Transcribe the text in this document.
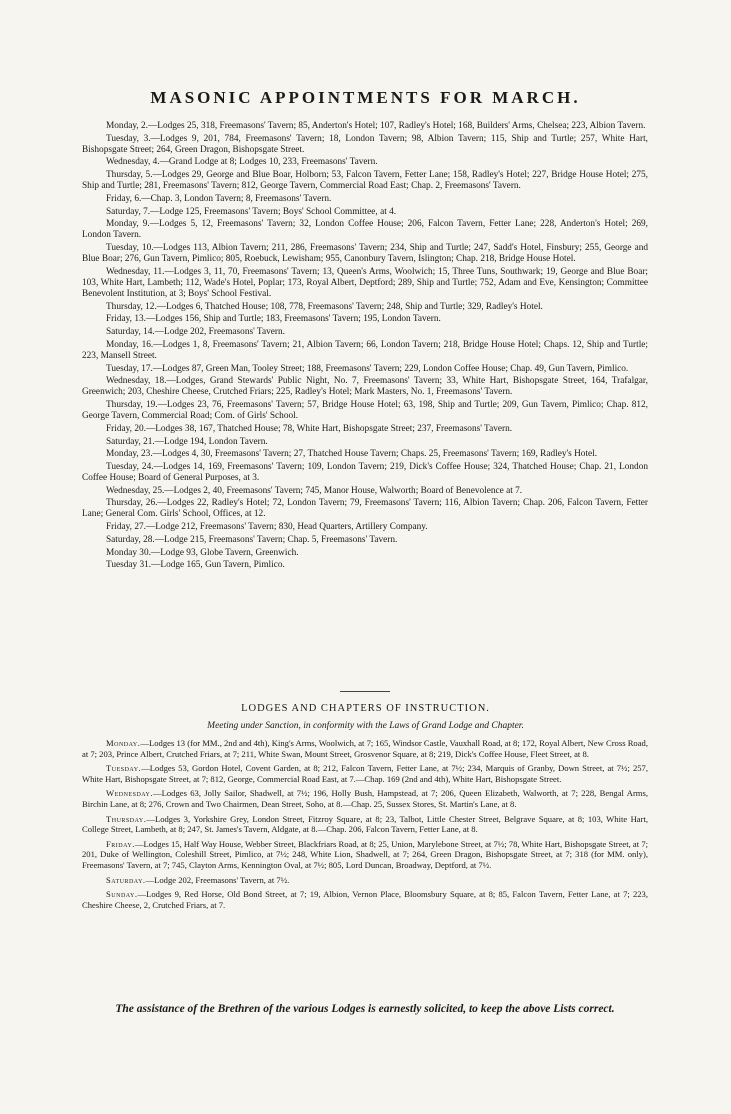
MASONIC APPOINTMENTS FOR MARCH.

Monday, 2.—Lodges 25, 318, Freemasons' Tavern; 85, Anderton's Hotel; 107, Radley's Hotel; 168, Builders' Arms, Chelsea; 223, Albion Tavern.

Tuesday, 3.—Lodges 9, 201, 784, Freemasons' Tavern; 18, London Tavern; 98, Albion Tavern; 115, Ship and Turtle; 257, White Hart, Bishopsgate Street; 264, Green Dragon, Bishopsgate Street.

Wednesday, 4.—Grand Lodge at 8; Lodges 10, 233, Freemasons' Tavern.

Thursday, 5.—Lodges 29, George and Blue Boar, Holborn; 53, Falcon Tavern, Fetter Lane; 158, Radley's Hotel; 227, Bridge House Hotel; 275, Ship and Turtle; 281, Freemasons' Tavern; 812, George Tavern, Commercial Road East; Chap. 2, Freemasons' Tavern.

Friday, 6.—Chap. 3, London Tavern; 8, Freemasons' Tavern.

Saturday, 7.—Lodge 125, Freemasons' Tavern; Boys' School Committee, at 4.

Monday, 9.—Lodges 5, 12, Freemasons' Tavern; 32, London Coffee House; 206, Falcon Tavern, Fetter Lane; 228, Anderton's Hotel; 269, London Tavern.

Tuesday, 10.—Lodges 113, Albion Tavern; 211, 286, Freemasons' Tavern; 234, Ship and Turtle; 247, Sadd's Hotel, Finsbury; 255, George and Blue Boar; 276, Gun Tavern, Pimlico; 805, Roebuck, Lewisham; 955, Canonbury Tavern, Islington; Chap. 218, Bridge House Hotel.

Wednesday, 11.—Lodges 3, 11, 70, Freemasons' Tavern; 13, Queen's Arms, Woolwich; 15, Three Tuns, Southwark; 19, George and Blue Boar; 103, White Hart, Lambeth; 112, Wade's Hotel, Poplar; 173, Royal Albert, Deptford; 289, Ship and Turtle; 752, Adam and Eve, Kensington; Committee Benevolent Institution, at 3; Boys' School Festival.

Thursday, 12.—Lodges 6, Thatched House; 108, 778, Freemasons' Tavern; 248, Ship and Turtle; 329, Radley's Hotel.

Friday, 13.—Lodges 156, Ship and Turtle; 183, Freemasons' Tavern; 195, London Tavern.

Saturday, 14.—Lodge 202, Freemasons' Tavern.

Monday, 16.—Lodges 1, 8, Freemasons' Tavern; 21, Albion Tavern; 66, London Tavern; 218, Bridge House Hotel; Chaps. 12, Ship and Turtle; 223, Mansell Street.

Tuesday, 17.—Lodges 87, Green Man, Tooley Street; 188, Freemasons' Tavern; 229, London Coffee House; Chap. 49, Gun Tavern, Pimlico.

Wednesday, 18.—Lodges, Grand Stewards' Public Night, No. 7, Freemasons' Tavern; 33, White Hart, Bishopsgate Street, 164, Trafalgar, Greenwich; 203, Cheshire Cheese, Crutched Friars; 225, Radley's Hotel; Mark Masters, No. 1, Freemasons' Tavern.

Thursday, 19.—Lodges 23, 76, Freemasons' Tavern; 57, Bridge House Hotel; 63, 198, Ship and Turtle; 209, Gun Tavern, Pimlico; Chap. 812, George Tavern, Commercial Road; Com. of Girls' School.

Friday, 20.—Lodges 38, 167, Thatched House; 78, White Hart, Bishopsgate Street; 237, Freemasons' Tavern.

Saturday, 21.—Lodge 194, London Tavern.

Monday, 23.—Lodges 4, 30, Freemasons' Tavern; 27, Thatched House Tavern; Chaps. 25, Freemasons' Tavern; 169, Radley's Hotel.

Tuesday, 24.—Lodges 14, 169, Freemasons' Tavern; 109, London Tavern; 219, Dick's Coffee House; 324, Thatched House; Chap. 21, London Coffee House; Board of General Purposes, at 3.

Wednesday, 25.—Lodges 2, 40, Freemasons' Tavern; 745, Manor House, Walworth; Board of Benevolence at 7.

Thursday, 26.—Lodges 22, Radley's Hotel; 72, London Tavern; 79, Freemasons' Tavern; 116, Albion Tavern; Chap. 206, Falcon Tavern, Fetter Lane; General Com. Girls' School, Offices, at 12.

Friday, 27.—Lodge 212, Freemasons' Tavern; 830, Head Quarters, Artillery Company.

Saturday, 28.—Lodge 215, Freemasons' Tavern; Chap. 5, Freemasons' Tavern.

Monday 30.—Lodge 93, Globe Tavern, Greenwich.

Tuesday 31.—Lodge 165, Gun Tavern, Pimlico.

LODGES AND CHAPTERS OF INSTRUCTION.
Meeting under Sanction, in conformity with the Laws of Grand Lodge and Chapter.

Monday.—Lodges 13 (for MM., 2nd and 4th), King's Arms, Woolwich, at 7; 165, Windsor Castle, Vauxhall Road, at 8; 172, Royal Albert, New Cross Road, at 7; 203, Prince Albert, Crutched Friars, at 7; 211, White Swan, Mount Street, Grosvenor Square, at 8; 219, Dick's Coffee House, Fleet Street, at 8.

Tuesday.—Lodges 53, Gordon Hotel, Covent Garden, at 8; 212, Falcon Tavern, Fetter Lane, at 7½; 234, Marquis of Granby, Down Street, at 7½; 257, White Hart, Bishopsgate Street, at 7; 812, George, Commercial Road East, at 7.—Chap. 169 (2nd and 4th), White Hart, Bishopsgate Street.

Wednesday.—Lodges 63, Jolly Sailor, Shadwell, at 7½; 196, Holly Bush, Hampstead, at 7; 206, Queen Elizabeth, Walworth, at 7; 228, Bengal Arms, Birchin Lane, at 8; 276, Crown and Two Chairmen, Dean Street, Soho, at 8.—Chap. 25, Sussex Stores, St. Martin's Lane, at 8.

Thursday.—Lodges 3, Yorkshire Grey, London Street, Fitzroy Square, at 8; 23, Talbot, Little Chester Street, Belgrave Square, at 8; 103, White Hart, College Street, Lambeth, at 8; 247, St. James's Tavern, Aldgate, at 8.—Chap. 206, Falcon Tavern, Fetter Lane, at 8.

Friday.—Lodges 15, Half Way House, Webber Street, Blackfriars Road, at 8; 25, Union, Marylebone Street, at 7½; 78, White Hart, Bishopsgate Street, at 7; 201, Duke of Wellington, Coleshill Street, Pimlico, at 7½; 248, White Lion, Shadwell, at 7; 264, Green Dragon, Bishopsgate Street, at 7; 318 (for MM. only), Freemasons' Tavern, at 7; 745, Clayton Arms, Kennington Oval, at 7½; 805, Lord Duncan, Broadway, Deptford, at 7½.

Saturday.—Lodge 202, Freemasons' Tavern, at 7½.

Sunday.—Lodges 9, Red Horse, Old Bond Street, at 7; 19, Albion, Vernon Place, Bloomsbury Square, at 8; 85, Falcon Tavern, Fetter Lane, at 7; 223, Cheshire Cheese, 2, Crutched Friars, at 7.

The assistance of the Brethren of the various Lodges is earnestly solicited, to keep the above Lists correct.
